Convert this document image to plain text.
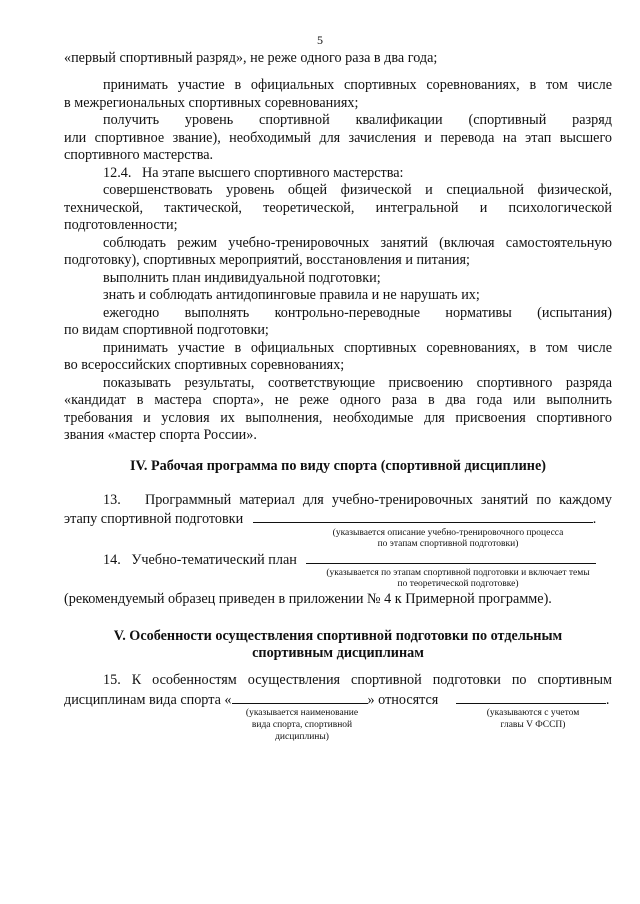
5
«первый спортивный разряд», не реже одного раза в два года;
принимать участие в официальных спортивных соревнованиях, в том числе
в межрегиональных спортивных соревнованиях;
получить уровень спортивной квалификации (спортивный разряд
или спортивное звание), необходимый для зачисления и перевода на этап высшего
спортивного мастерства.
12.4.   На этапе высшего спортивного мастерства:
совершенствовать уровень общей физической и специальной физической,
технической, тактической, теоретической, интегральной и психологической
подготовленности;
соблюдать режим учебно-тренировочных занятий (включая самостоятельную
подготовку), спортивных мероприятий, восстановления и питания;
выполнить план индивидуальной подготовки;
знать и соблюдать антидопинговые правила и не нарушать их;
ежегодно выполнять контрольно-переводные нормативы (испытания)
по видам спортивной подготовки;
принимать участие в официальных спортивных соревнованиях, в том числе
во всероссийских спортивных соревнованиях;
показывать результаты, соответствующие присвоению спортивного разряда
«кандидат в мастера спорта», не реже одного раза в два года или выполнить
требования и условия их выполнения, необходимые для присвоения спортивного
звания «мастер спорта России».
IV. Рабочая программа по виду спорта (спортивной дисциплине)
13.   Программный материал для учебно-тренировочных занятий по каждому
этапу спортивной подготовки	.
(указывается описание учебно-тренировочного процесса
по этапам спортивной подготовки)
14.   Учебно-тематический план
(указывается по этапам спортивной подготовки и включает темы
по теоретической подготовке)
(рекомендуемый образец приведен в приложении № 4 к Примерной программе).
V. Особенности осуществления спортивной подготовки по отдельным
спортивным дисциплинам
15. К особенностям осуществления спортивной подготовки по спортивным
дисциплинам вида спорта «	» относятся	.
(указывается наименование
вида спорта, спортивной
дисциплины)
(указываются с учетом
главы V ФССП)
